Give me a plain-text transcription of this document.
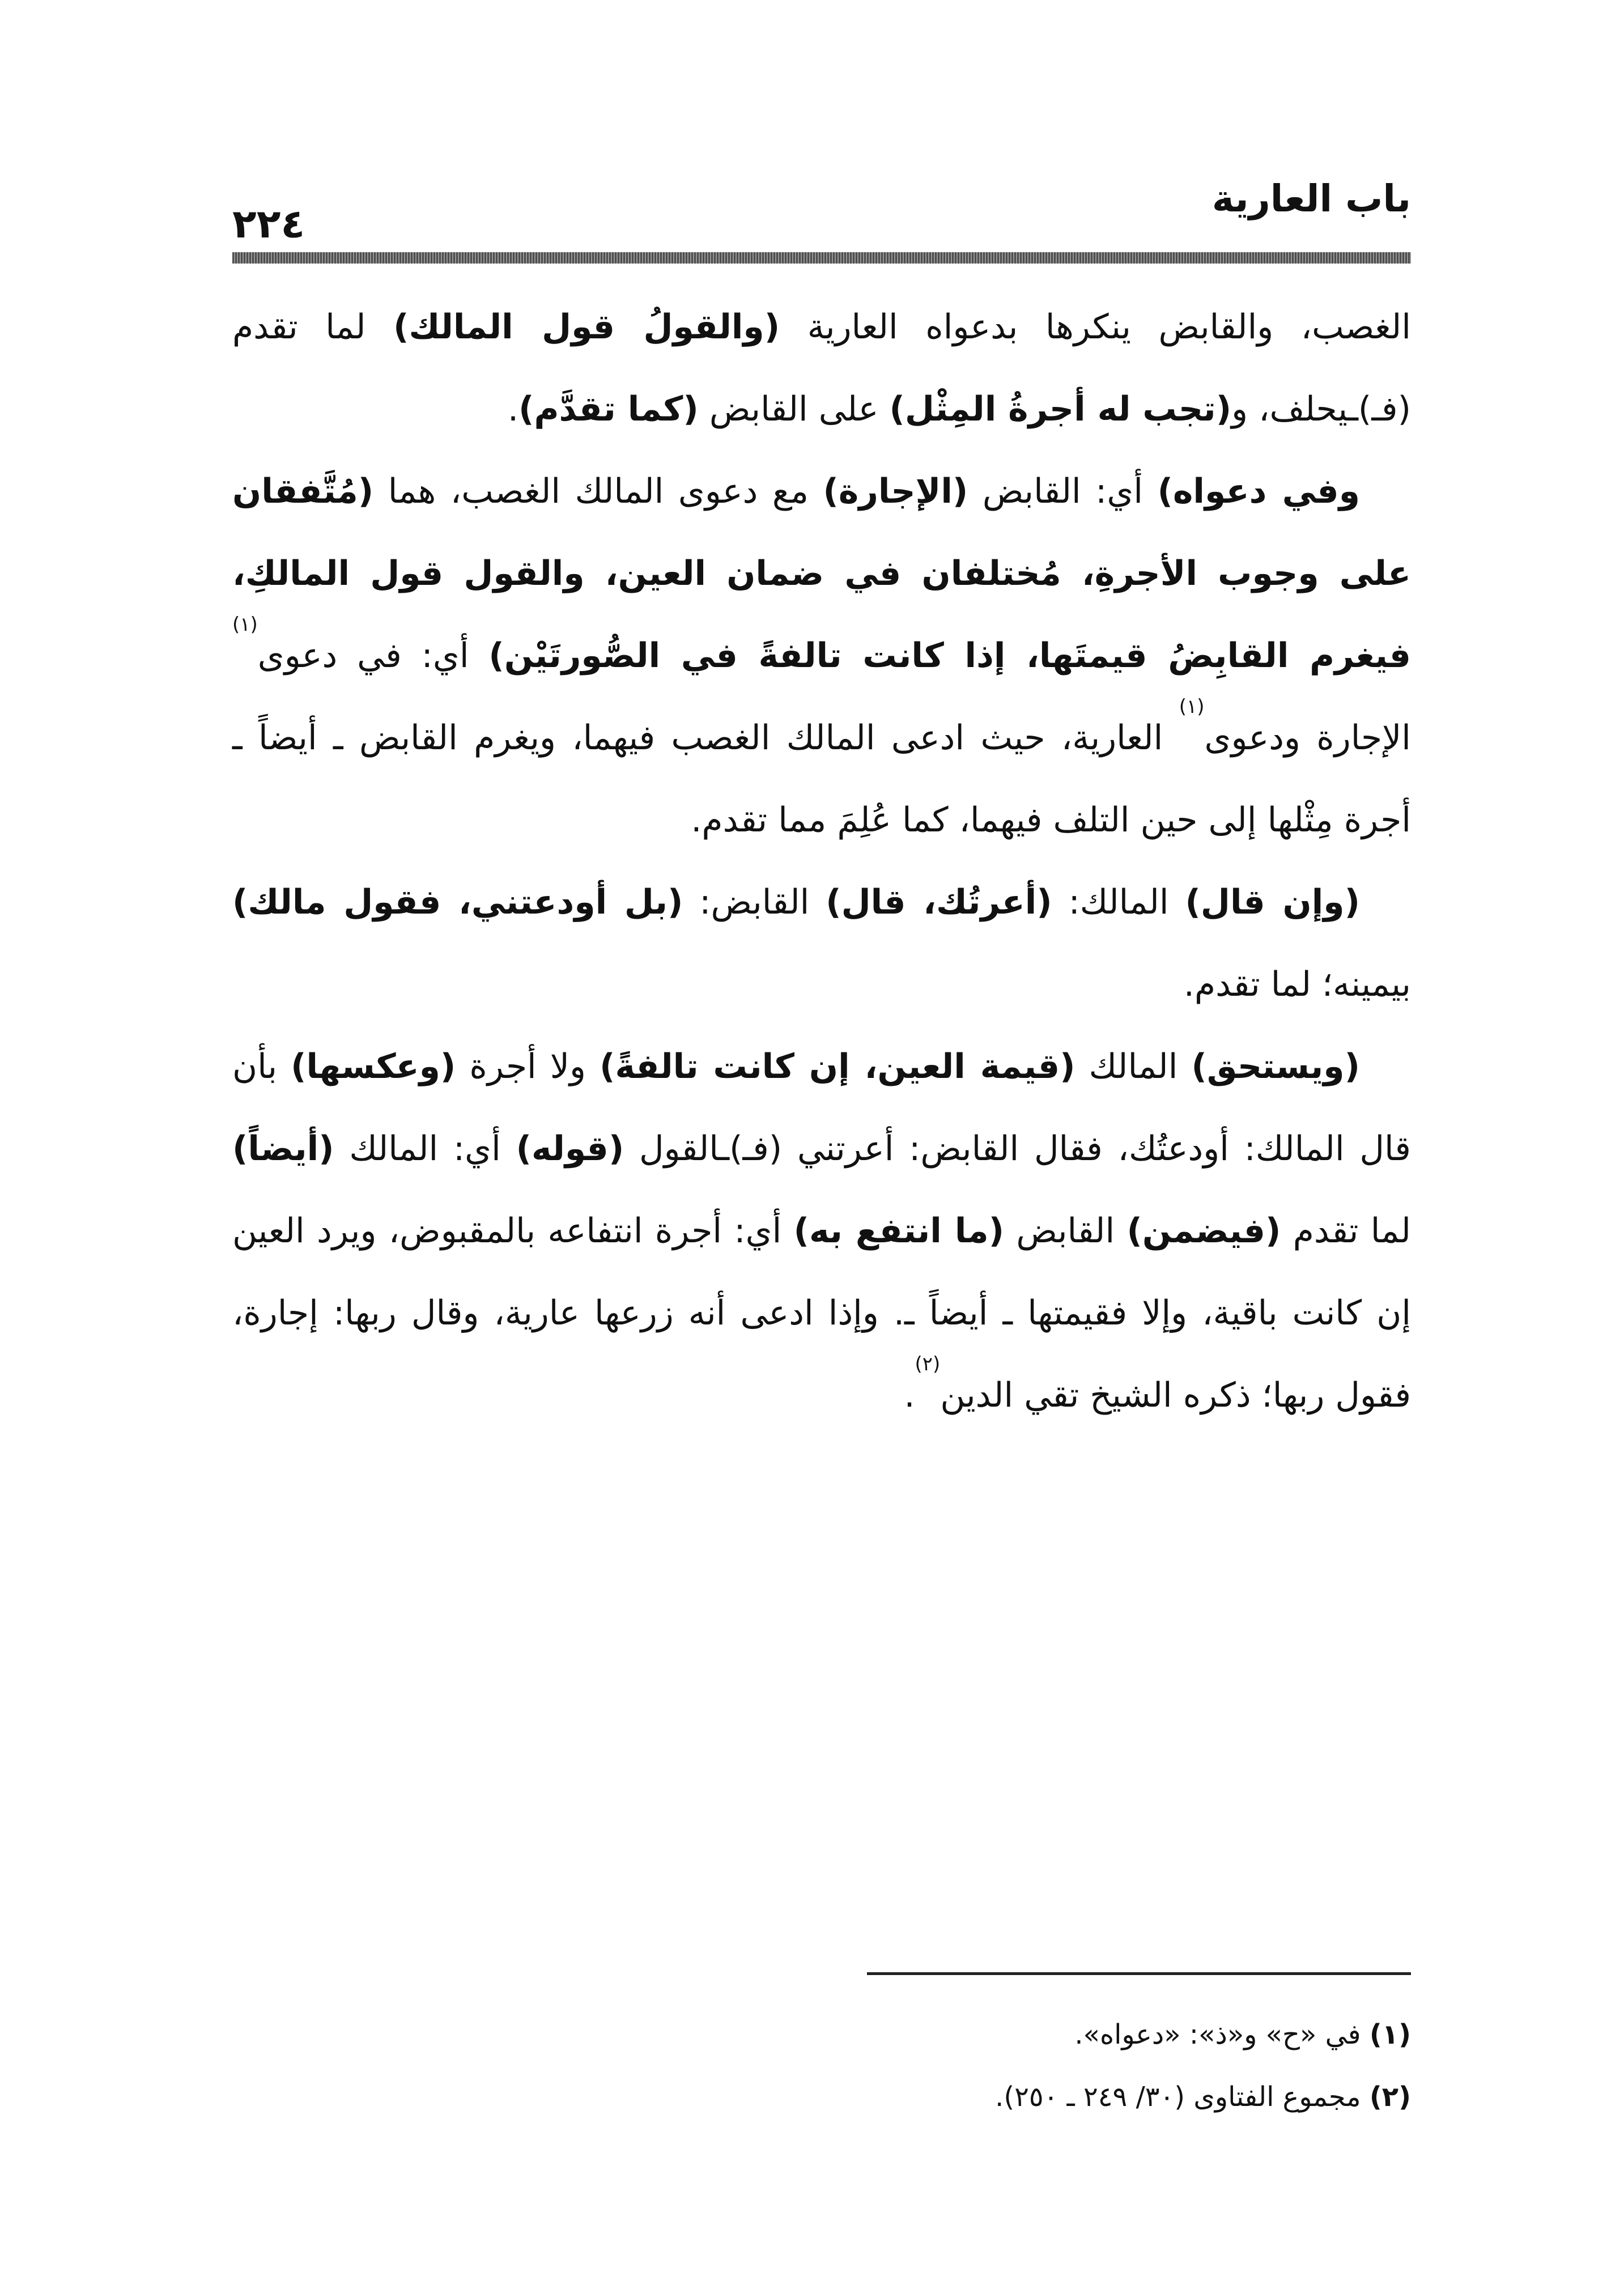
باب العارية
٢٢٤

الغصب، والقابض ينكرها بدعواه العارية (والقولُ قول المالك) لما تقدم (فـ)ـيحلف، و(تجب له أجرةُ المِثْل) على القابض (كما تقدَّم).

وفي دعواه) أي: القابض (الإجارة) مع دعوى المالك الغصب، هما (مُتَّفقان على وجوب الأجرةِ، مُختلفان في ضمان العين، والقول قول المالكِ، فيغرم القابِضُ قيمتَها، إذا كانت تالفةً في الصُّورتَيْن) أي: في دعوى$^{(١)}$ الإجارة ودعوى$^{(١)}$ العارية، حيث ادعى المالك الغصب فيهما، ويغرم القابض ـ أيضاً ـ أجرة مِثْلها إلى حين التلف فيهما، كما عُلِمَ مما تقدم.

(وإن قال) المالك: (أعرتُك، قال) القابض: (بل أودعتني، فقول مالك) بيمينه؛ لما تقدم.

(ويستحق) المالك (قيمة العين، إن كانت تالفةً) ولا أجرة (وعكسها) بأن قال المالك: أودعتُك، فقال القابض: أعرتني (فـ)ـالقول (قوله) أي: المالك (أيضاً) لما تقدم (فيضمن) القابض (ما انتفع به) أي: أجرة انتفاعه بالمقبوض، ويرد العين إن كانت باقية، وإلا فقيمتها ـ أيضاً ـ. وإذا ادعى أنه زرعها عارية، وقال ربها: إجارة، فقول ربها؛ ذكره الشيخ تقي الدين$^{(٢)}$.

(١) في «ح» و«ذ»: «دعواه».

(٢) مجموع الفتاوى (٣٠/ ٢٤٩ ـ ٢٥٠).
